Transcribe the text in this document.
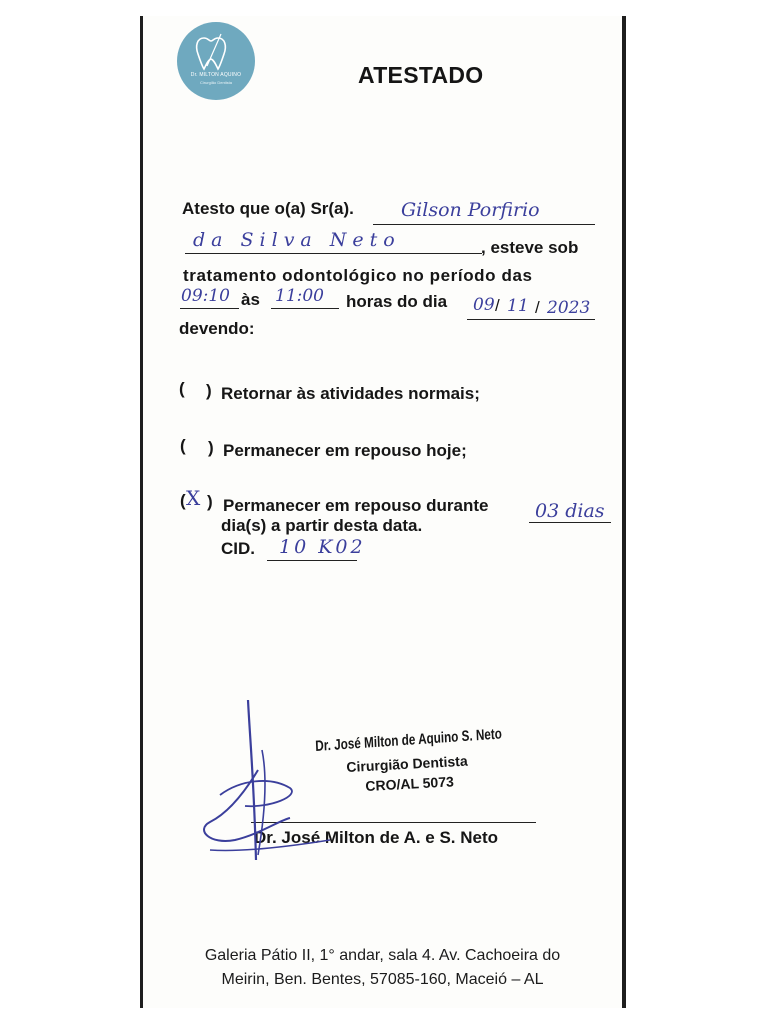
Dr. MILTON AQUINO
Cirurgião Dentista	ATESTADO
Atesto que o(a) Sr(a). Gilson Porfirio
da Silva Neto	, esteve sob
tratamento odontológico no período das
09:10 às 11:00 horas do dia 09 / 11 / 2023
devendo:
( ) Retornar às atividades normais;
( ) Permanecer em repouso hoje;
( X ) Permanecer em repouso durante 03 dias
dia(s) a partir desta data.
CID. 10 K02
Dr. José Milton de Aquino S. Neto
Cirurgião Dentista
CRO/AL 5073
Dr. José Milton de A. e S. Neto
Galeria Pátio II, 1° andar, sala 4. Av. Cachoeira do
Meirin, Ben. Bentes, 57085-160, Maceió – AL
